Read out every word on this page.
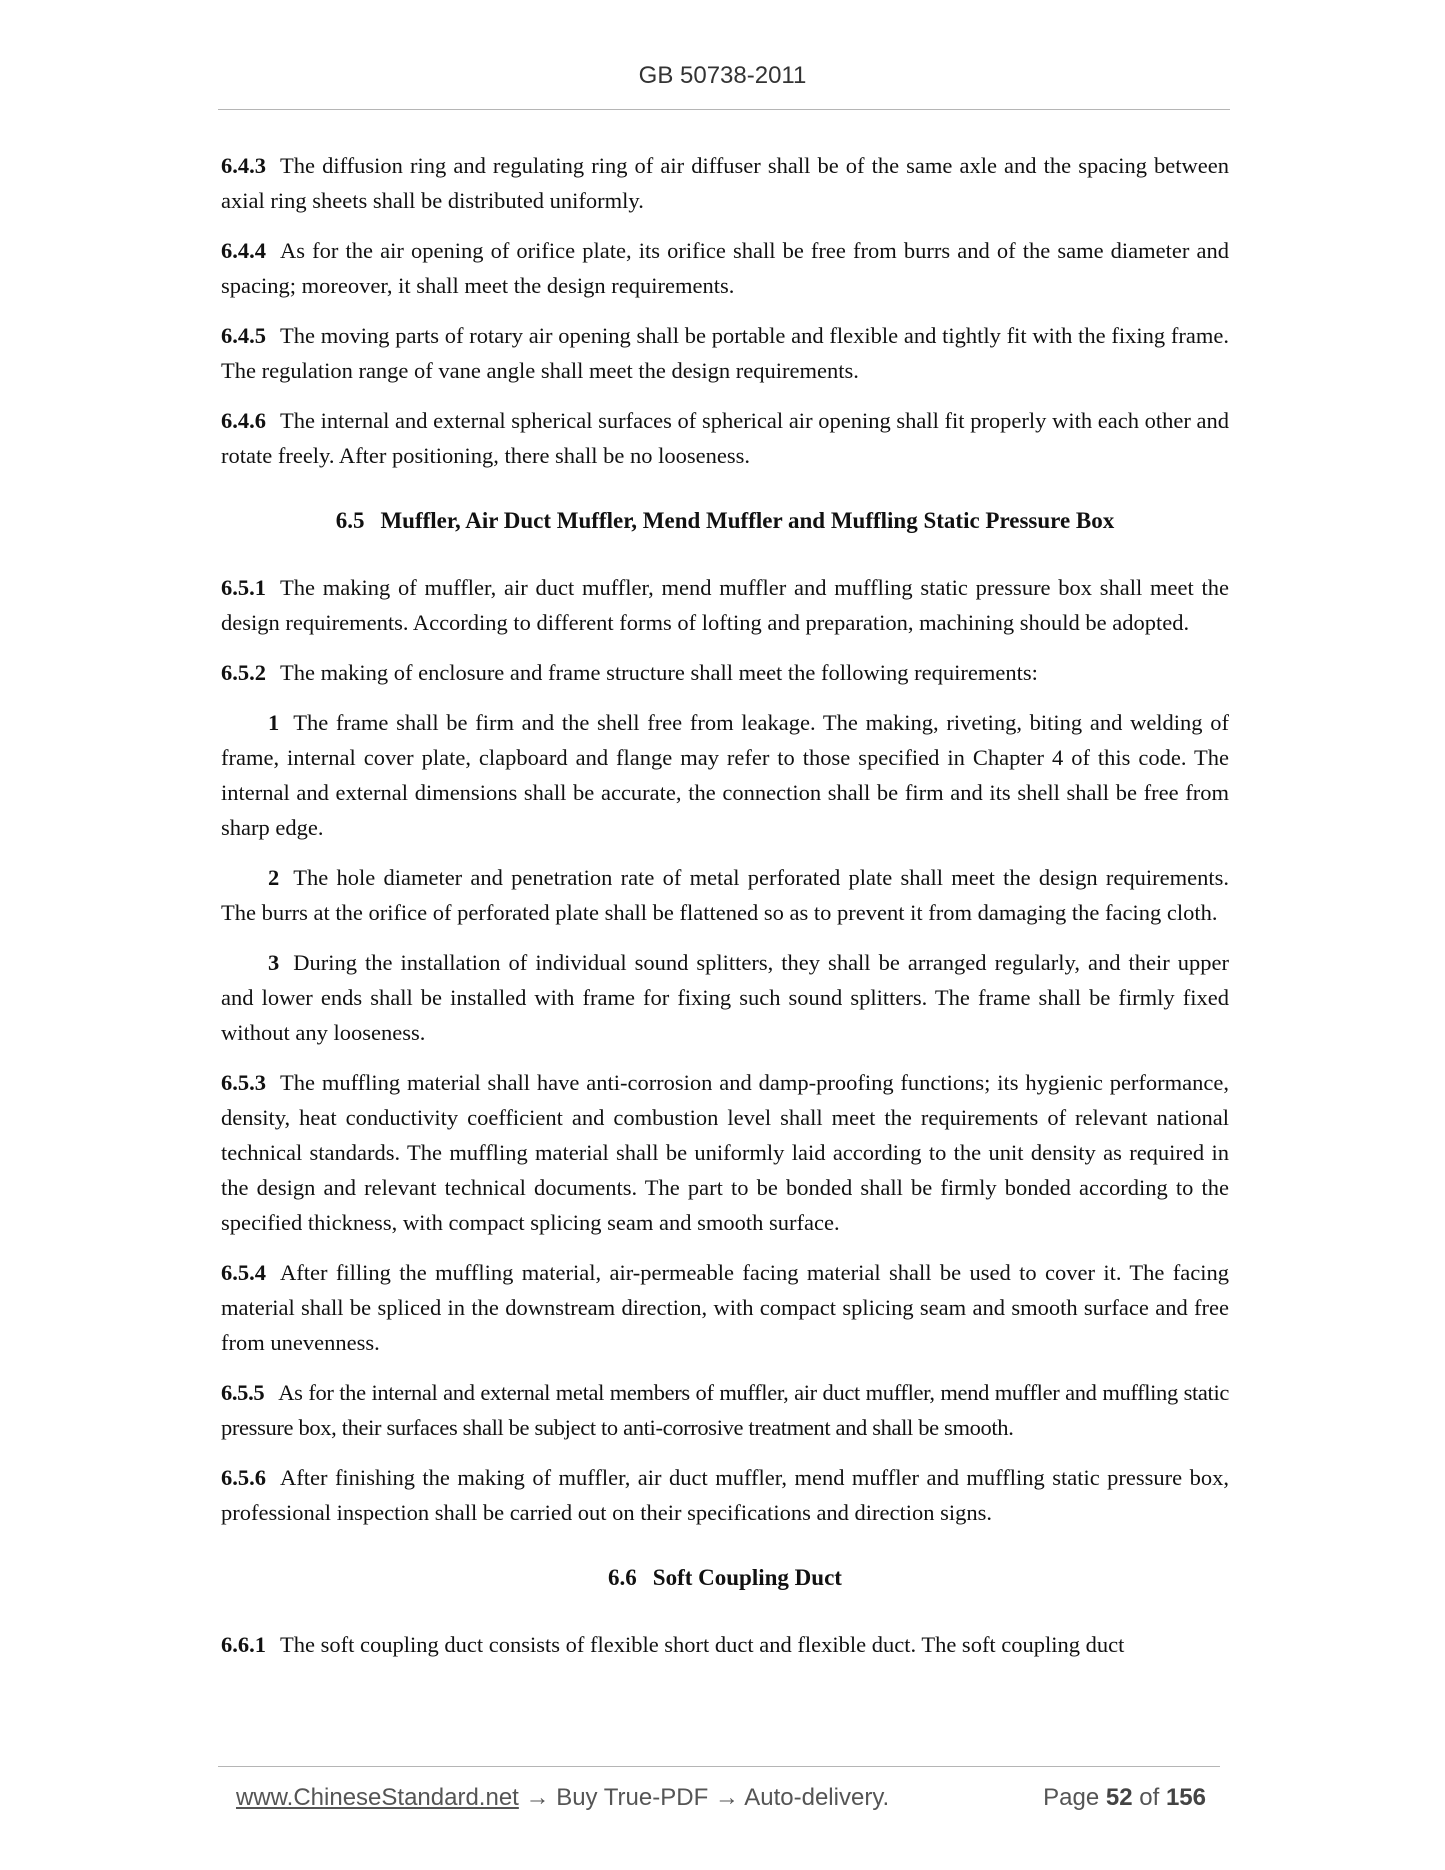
GB 50738-2011

6.4.3 The diffusion ring and regulating ring of air diffuser shall be of the same axle and the spacing between axial ring sheets shall be distributed uniformly.

6.4.4 As for the air opening of orifice plate, its orifice shall be free from burrs and of the same diameter and spacing; moreover, it shall meet the design requirements.

6.4.5 The moving parts of rotary air opening shall be portable and flexible and tightly fit with the fixing frame. The regulation range of vane angle shall meet the design requirements.

6.4.6 The internal and external spherical surfaces of spherical air opening shall fit properly with each other and rotate freely. After positioning, there shall be no looseness.

6.5 Muffler, Air Duct Muffler, Mend Muffler and Muffling Static Pressure Box

6.5.1 The making of muffler, air duct muffler, mend muffler and muffling static pressure box shall meet the design requirements. According to different forms of lofting and preparation, machining should be adopted.

6.5.2 The making of enclosure and frame structure shall meet the following requirements:

1 The frame shall be firm and the shell free from leakage. The making, riveting, biting and welding of frame, internal cover plate, clapboard and flange may refer to those specified in Chapter 4 of this code. The internal and external dimensions shall be accurate, the connection shall be firm and its shell shall be free from sharp edge.

2 The hole diameter and penetration rate of metal perforated plate shall meet the design requirements. The burrs at the orifice of perforated plate shall be flattened so as to prevent it from damaging the facing cloth.

3 During the installation of individual sound splitters, they shall be arranged regularly, and their upper and lower ends shall be installed with frame for fixing such sound splitters. The frame shall be firmly fixed without any looseness.

6.5.3 The muffling material shall have anti-corrosion and damp-proofing functions; its hygienic performance, density, heat conductivity coefficient and combustion level shall meet the requirements of relevant national technical standards. The muffling material shall be uniformly laid according to the unit density as required in the design and relevant technical documents. The part to be bonded shall be firmly bonded according to the specified thickness, with compact splicing seam and smooth surface.

6.5.4 After filling the muffling material, air-permeable facing material shall be used to cover it. The facing material shall be spliced in the downstream direction, with compact splicing seam and smooth surface and free from unevenness.

6.5.5 As for the internal and external metal members of muffler, air duct muffler, mend muffler and muffling static pressure box, their surfaces shall be subject to anti-corrosive treatment and shall be smooth.

6.5.6 After finishing the making of muffler, air duct muffler, mend muffler and muffling static pressure box, professional inspection shall be carried out on their specifications and direction signs.

6.6 Soft Coupling Duct

6.6.1 The soft coupling duct consists of flexible short duct and flexible duct. The soft coupling duct

www.ChineseStandard.net → Buy True-PDF → Auto-delivery.	Page 52 of 156
